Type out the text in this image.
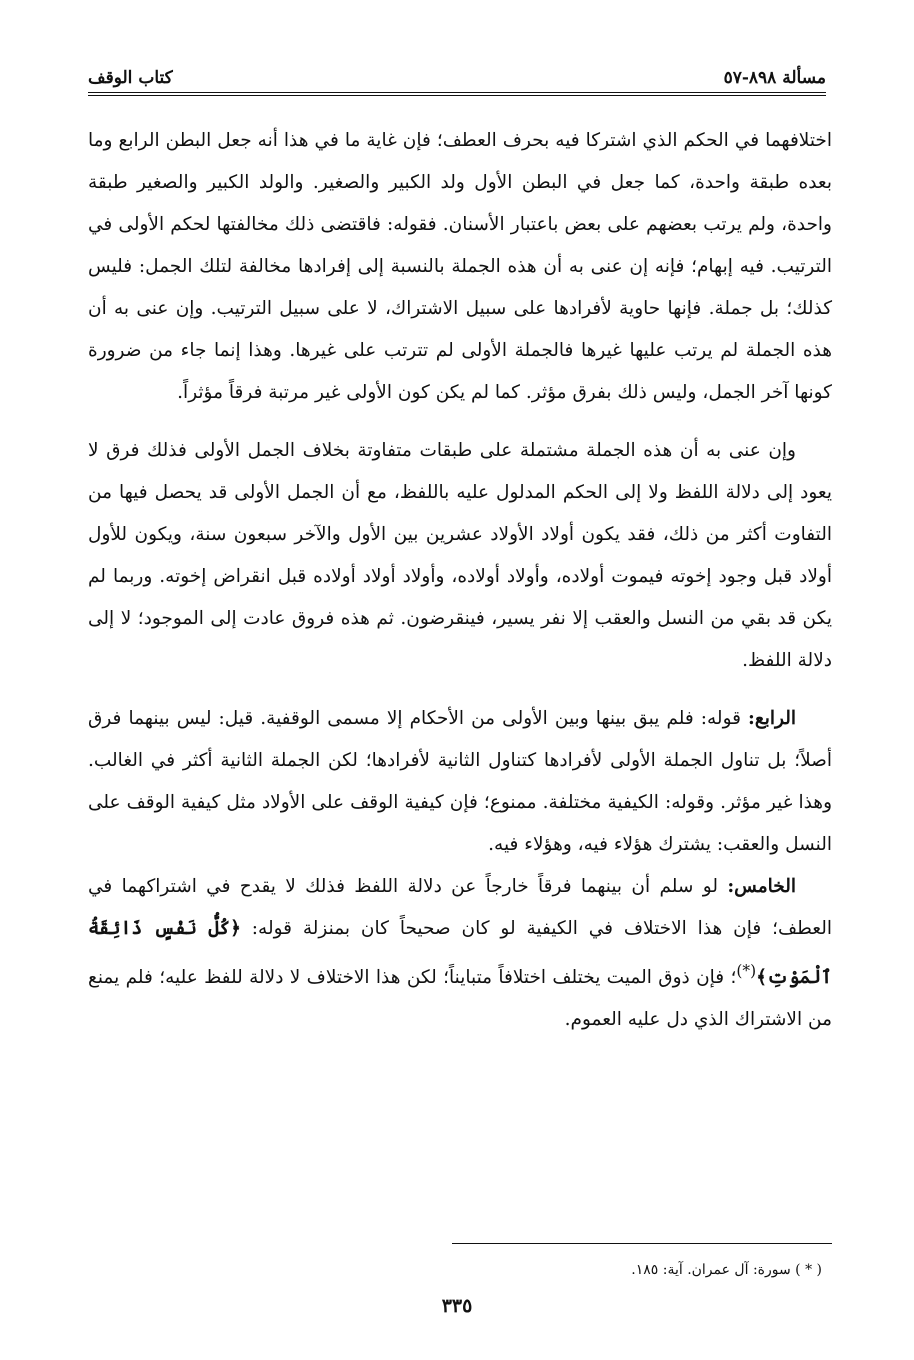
مسألة ٨٩٨-٥٧
كتاب الوقف

اختلافهما في الحكم الذي اشتركا فيه بحرف العطف؛ فإن غاية ما في هذا أنه جعل البطن الرابع وما بعده طبقة واحدة، كما جعل في البطن الأول ولد الكبير والصغير. والولد الكبير والصغير طبقة واحدة، ولم يرتب بعضهم على بعض باعتبار الأسنان. فقوله: فاقتضى ذلك مخالفتها لحكم الأولى في الترتيب. فيه إبهام؛ فإنه إن عنى به أن هذه الجملة بالنسبة إلى إفرادها مخالفة لتلك الجمل: فليس كذلك؛ بل جملة. فإنها حاوية لأفرادها على سبيل الاشتراك، لا على سبيل الترتيب. وإن عنى به أن هذه الجملة لم يرتب عليها غيرها فالجملة الأولى لم تترتب على غيرها. وهذا إنما جاء من ضرورة كونها آخر الجمل، وليس ذلك بفرق مؤثر. كما لم يكن كون الأولى غير مرتبة فرقاً مؤثراً.

وإن عنى به أن هذه الجملة مشتملة على طبقات متفاوتة بخلاف الجمل الأولى فذلك فرق لا يعود إلى دلالة اللفظ ولا إلى الحكم المدلول عليه باللفظ، مع أن الجمل الأولى قد يحصل فيها من التفاوت أكثر من ذلك، فقد يكون أولاد الأولاد عشرين بين الأول والآخر سبعون سنة، ويكون للأول أولاد قبل وجود إخوته فيموت أولاده، وأولاد أولاده، وأولاد أولاد أولاده قبل انقراض إخوته. وربما لم يكن قد بقي من النسل والعقب إلا نفر يسير، فينقرضون. ثم هذه فروق عادت إلى الموجود؛ لا إلى دلالة اللفظ.

الرابع: قوله: فلم يبق بينها وبين الأولى من الأحكام إلا مسمى الوقفية. قيل: ليس بينهما فرق أصلاً؛ بل تناول الجملة الأولى لأفرادها كتناول الثانية لأفرادها؛ لكن الجملة الثانية أكثر في الغالب. وهذا غير مؤثر. وقوله: الكيفية مختلفة. ممنوع؛ فإن كيفية الوقف على الأولاد مثل كيفية الوقف على النسل والعقب: يشترك هؤلاء فيه، وهؤلاء فيه.

الخامس: لو سلم أن بينهما فرقاً خارجاً عن دلالة اللفظ فذلك لا يقدح في اشتراكهما في العطف؛ فإن هذا الاختلاف في الكيفية لو كان صحيحاً كان بمنزلة قوله: ﴿كُلُّ نَفْسٍ ذَائِقَةُ ٱلْمَوْتِ﴾(*)؛ فإن ذوق الميت يختلف اختلافاً متبايناً؛ لكن هذا الاختلاف لا دلالة للفظ عليه؛ فلم يمنع من الاشتراك الذي دل عليه العموم.

( * ) سورة: آل عمران. آية: ١٨٥.
٣٣٥
